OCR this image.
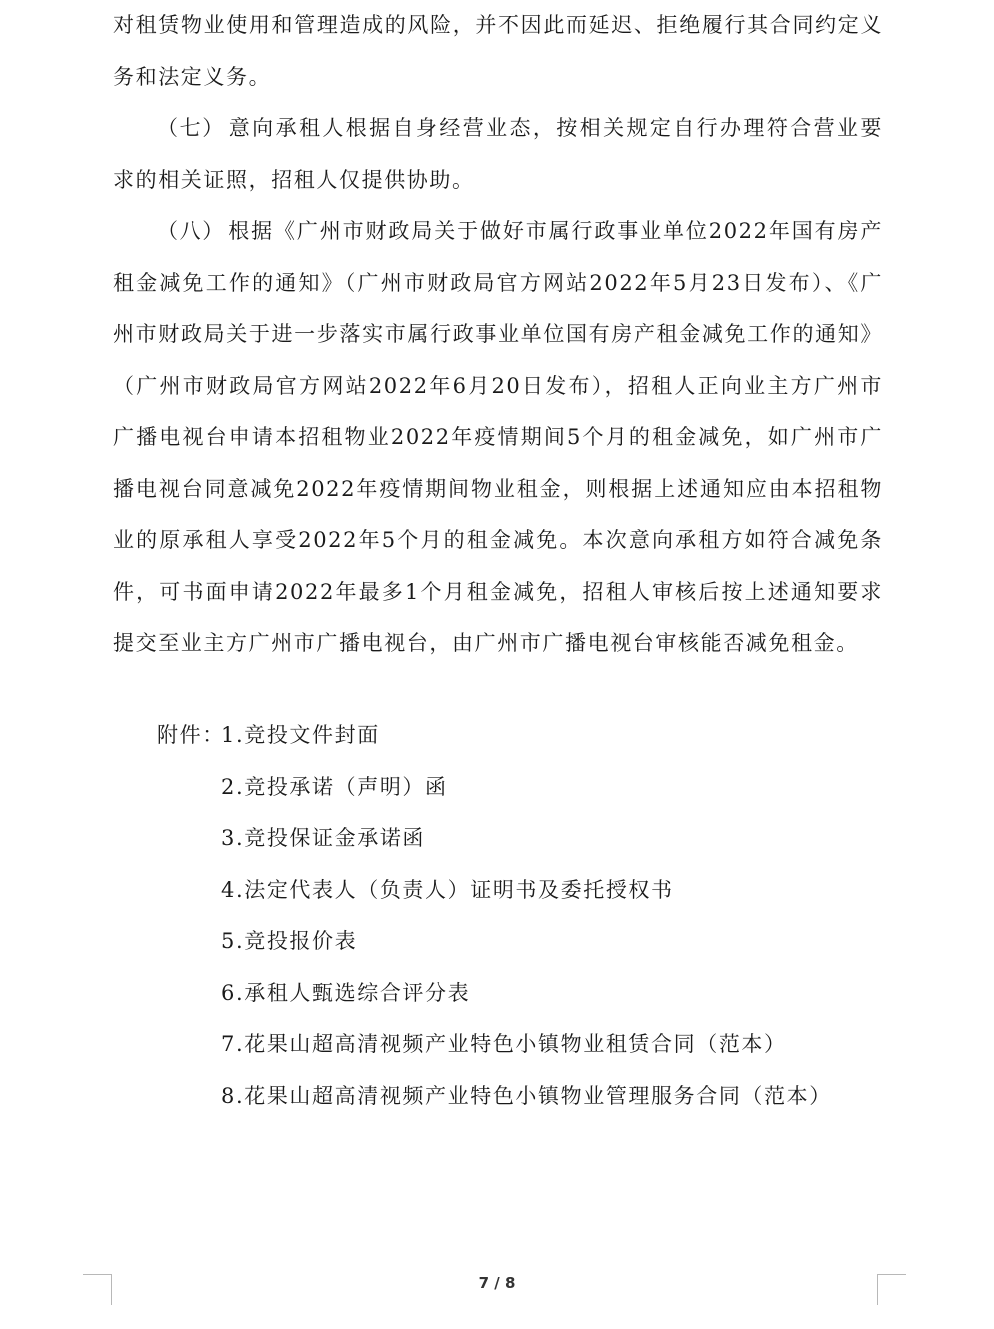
对租赁物业使用和管理造成的风险，并不因此而延迟、拒绝履行其合同约定义务和法定义务。

（七） 意向承租人根据自身经营业态，按相关规定自行办理符合营业要求的相关证照，招租人仅提供协助。

（八） 根据《广州市财政局关于做好市属行政事业单位2022年国有房产租金减免工作的通知》（广州市财政局官方网站2022年5月23日发布）、《广州市财政局关于进一步落实市属行政事业单位国有房产租金减免工作的通知》（广州市财政局官方网站2022年6月20日发布），招租人正向业主方广州市广播电视台申请本招租物业2022年疫情期间5个月的租金减免，如广州市广播电视台同意减免2022年疫情期间物业租金，则根据上述通知应由本招租物业的原承租人享受2022年5个月的租金减免。本次意向承租方如符合减免条件，可书面申请2022年最多1个月租金减免，招租人审核后按上述通知要求提交至业主方广州市广播电视台，由广州市广播电视台审核能否减免租金。

附件：1.竞投文件封面
2.竞投承诺（声明）函
3.竞投保证金承诺函
4.法定代表人（负责人）证明书及委托授权书
5.竞投报价表
6.承租人甄选综合评分表
7.花果山超高清视频产业特色小镇物业租赁合同（范本）
8.花果山超高清视频产业特色小镇物业管理服务合同（范本）
7 / 8
